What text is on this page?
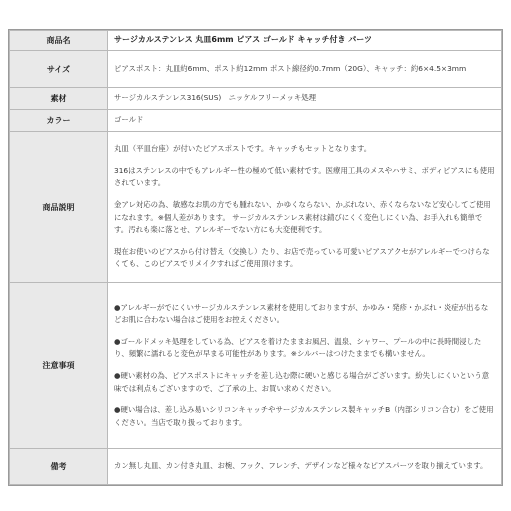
商品名	サージカルステンレス 丸皿6mm ピアス ゴールド キャッチ付き パーツ
サイズ	ピアスポスト：丸皿約6mm、ポスト約12mm ポスト線径約0.7mm（20G）、キャッチ：約6×4.5×3mm
素材	サージカルステンレス316(SUS)　ニッケルフリーメッキ処理
カラー	ゴールド
商品説明	丸皿（平皿台座）が付いたピアスポストです。キャッチもセットとなります。

316はステンレスの中でもアレルギー性の極めて低い素材です。医療用工具のメスやハサミ、ボディピアスにも使用されています。

金アレ対応の為、敏感なお肌の方でも腫れない、かゆくならない、かぶれない、赤くならないなど安心してご使用になれます。※個人差があります。 サージカルステンレス素材は錆びにくく変色しにくい為、お手入れも簡単です。汚れも楽に落とせ、アレルギーでない方にも大変便利です。

現在お使いのピアスから付け替え（交換し）たり、お店で売っている可愛いピアスアクセがアレルギーでつけらなくても、このピアスでリメイクすればご使用頂けます。

注意事項	●アレルギーがでにくいサージカルステンレス素材を使用しておりますが、かゆみ・発疹・かぶれ・炎症が出るなどお肌に合わない場合はご使用をお控えください。

●ゴールドメッキ処理をしている為、ピアスを着けたままお風呂、温泉、シャワー、プールの中に長時間浸したり、頻繁に濡れると変色が早まる可能性があります。※シルバーはつけたままでも構いません。

●硬い素材の為、ピアスポストにキャッチを差し込む際に硬いと感じる場合がございます。紛失しにくいという意味では利点もございますので、ご了承の上、お買い求めください。

●硬い場合は、差し込み易いシリコンキャッチやサージカルステンレス製キャッチB（内部シリコン合む）をご使用ください。当店で取り扱っております。

備考	カン無し丸皿、カン付き丸皿、お椀、フック、フレンチ、デザインなど様々なピアスパーツを取り揃えています。
